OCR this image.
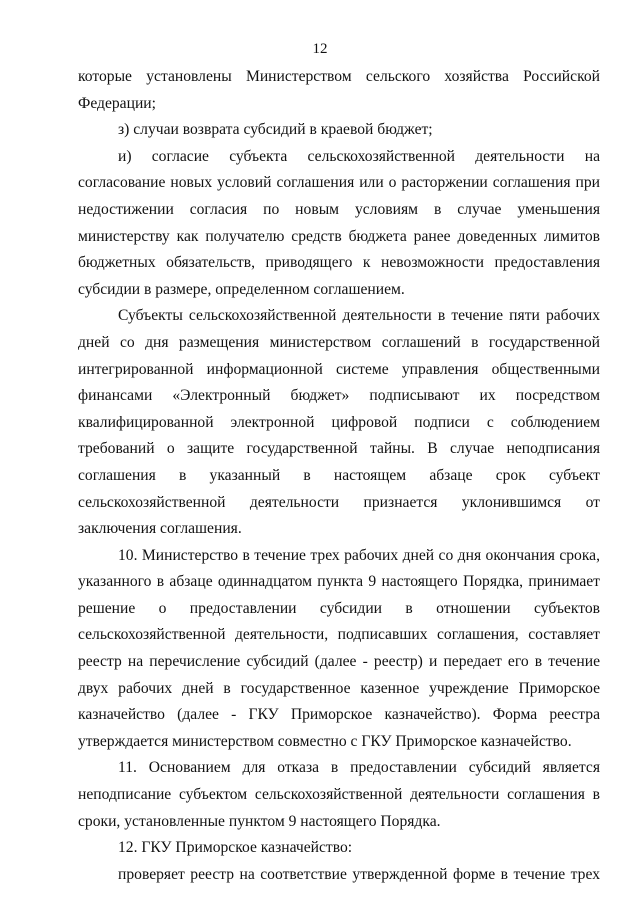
12

которые установлены Министерством сельского хозяйства Российской Федерации;

з) случаи возврата субсидий в краевой бюджет;

и) согласие субъекта сельскохозяйственной деятельности на согласование новых условий соглашения или о расторжении соглашения при недостижении согласия по новым условиям в случае уменьшения министерству как получателю средств бюджета ранее доведенных лимитов бюджетных обязательств, приводящего к невозможности предоставления субсидии в размере, определенном соглашением.

Субъекты сельскохозяйственной деятельности в течение пяти рабочих дней со дня размещения министерством соглашений в государственной интегрированной информационной системе управления общественными финансами «Электронный бюджет» подписывают их посредством квалифицированной электронной цифровой подписи с соблюдением требований о защите государственной тайны. В случае неподписания соглашения в указанный в настоящем абзаце срок субъект сельскохозяйственной деятельности признается уклонившимся от заключения соглашения.

10. Министерство в течение трех рабочих дней со дня окончания срока, указанного в абзаце одиннадцатом пункта 9 настоящего Порядка, принимает решение о предоставлении субсидии в отношении субъектов сельскохозяйственной деятельности, подписавших соглашения, составляет реестр на перечисление субсидий (далее - реестр) и передает его в течение двух рабочих дней в государственное казенное учреждение Приморское казначейство (далее - ГКУ Приморское казначейство). Форма реестра утверждается министерством совместно с ГКУ Приморское казначейство.

11. Основанием для отказа в предоставлении субсидий является неподписание субъектом сельскохозяйственной деятельности соглашения в сроки, установленные пунктом 9 настоящего Порядка.

12. ГКУ Приморское казначейство:

проверяет реестр на соответствие утвержденной форме в течение трех
